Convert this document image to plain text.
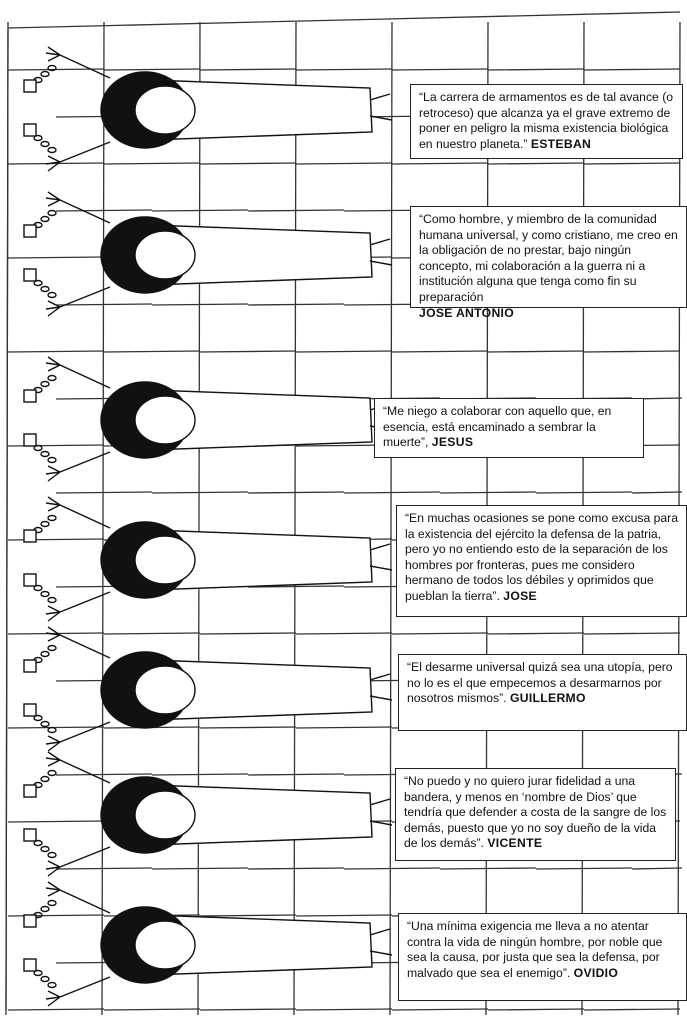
“La carrera de armamentos es de tal avance (o retroceso) que alcanza ya el grave extremo de poner en peligro la misma existencia biológica en nuestro planeta.” ESTEBAN

“Como hombre, y miembro de la comunidad humana universal, y como cristiano, me creo en la obligación de no prestar, bajo ningún concepto, mi colaboración a la guerra ni a institución alguna que tenga como fin su preparación
JOSE ANTONIO

“Me niego a colaborar con aquello que, en esencia, está encaminado a sembrar la muerte”, JESUS

“En muchas ocasiones se pone como excusa para la existencia del ejército la defensa de la patria, pero yo no entiendo esto de la separación de los hombres por fronteras, pues me considero hermano de todos los débiles y oprimidos que pueblan la tierra”. JOSE

“El desarme universal quizá sea una utopía, pero no lo es el que empecemos a desarmarnos por nosotros mismos”. GUILLERMO

“No puedo y no quiero jurar fidelidad a una bandera, y menos en ‘nombre de Dios’ que tendría que defender a costa de la sangre de los demás, puesto que yo no soy dueño de la vida de los demás”. VICENTE

“Una mínima exigencia me lleva a no atentar contra la vida de ningún hombre, por noble que sea la causa, por justa que sea la defensa, por malvado que sea el enemigo”. OVIDIO
